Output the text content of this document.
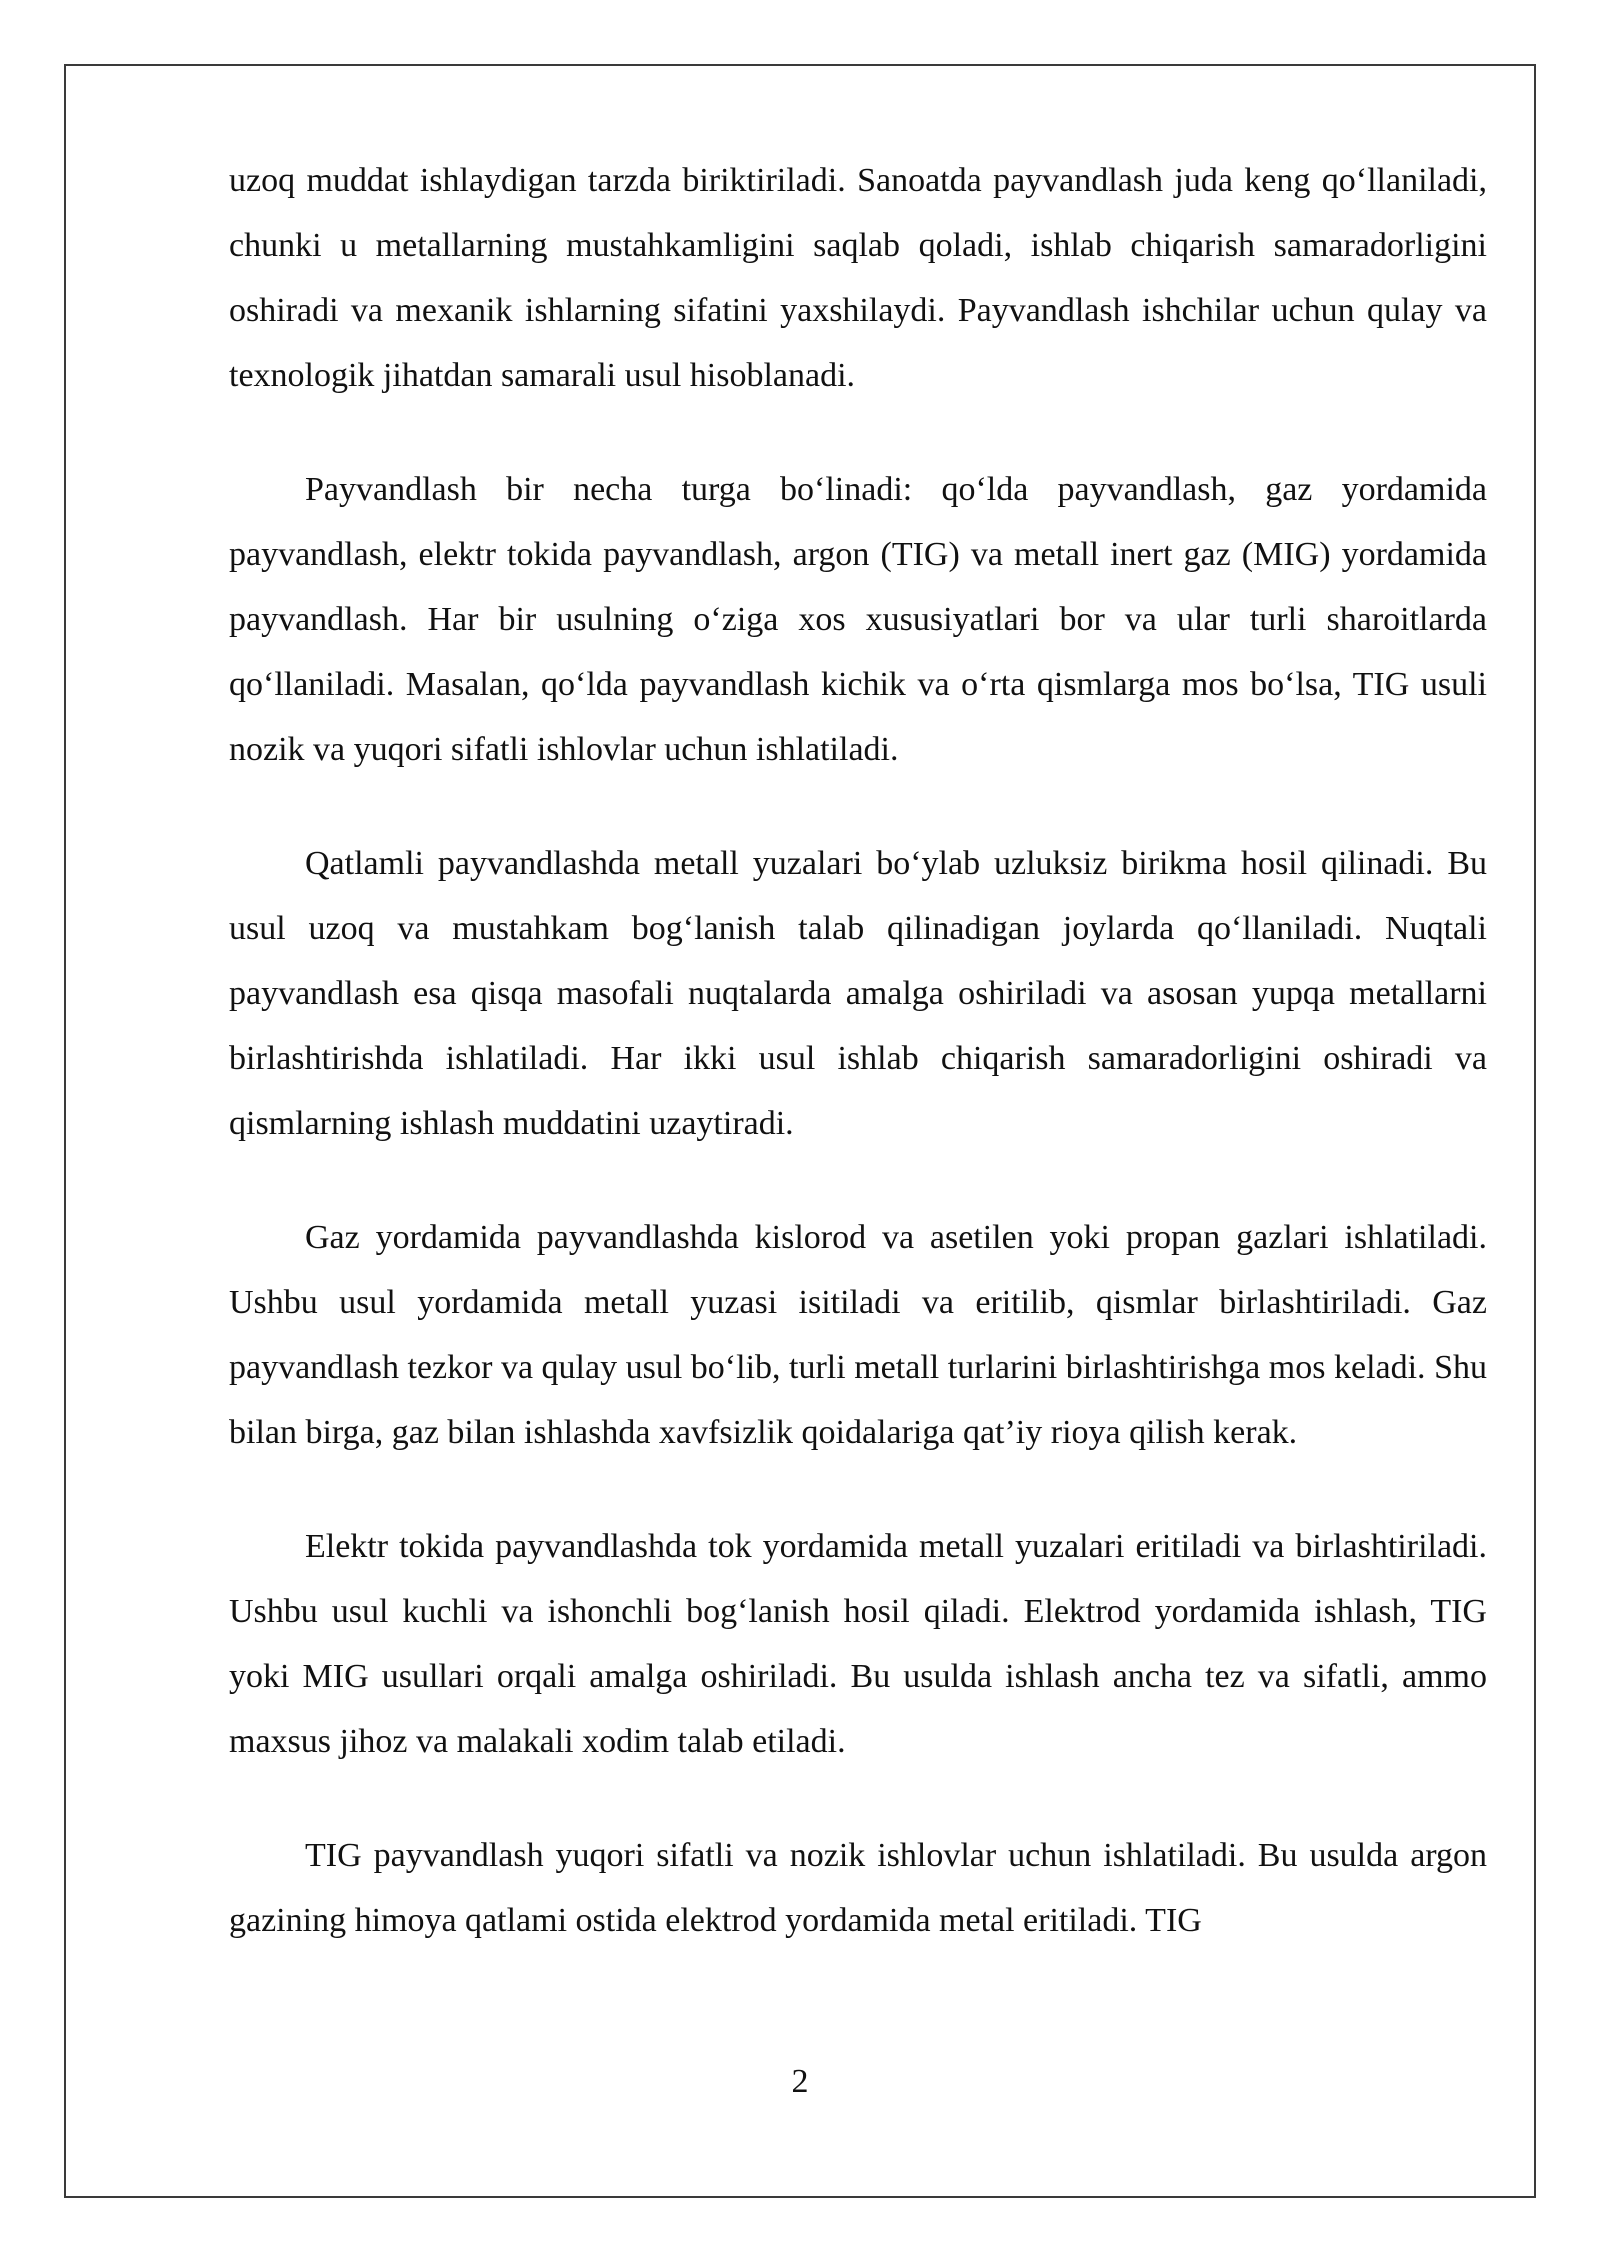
uzoq muddat ishlaydigan tarzda biriktiriladi. Sanoatda payvandlash juda keng qo‘llaniladi, chunki u metallarning mustahkamligini saqlab qoladi, ishlab chiqarish samaradorligini oshiradi va mexanik ishlarning sifatini yaxshilaydi. Payvandlash ishchilar uchun qulay va texnologik jihatdan samarali usul hisoblanadi.

Payvandlash bir necha turga bo‘linadi: qo‘lda payvandlash, gaz yordamida payvandlash, elektr tokida payvandlash, argon (TIG) va metall inert gaz (MIG) yordamida payvandlash. Har bir usulning o‘ziga xos xususiyatlari bor va ular turli sharoitlarda qo‘llaniladi. Masalan, qo‘lda payvandlash kichik va o‘rta qismlarga mos bo‘lsa, TIG usuli nozik va yuqori sifatli ishlovlar uchun ishlatiladi.

Qatlamli payvandlashda metall yuzalari bo‘ylab uzluksiz birikma hosil qilinadi. Bu usul uzoq va mustahkam bog‘lanish talab qilinadigan joylarda qo‘llaniladi. Nuqtali payvandlash esa qisqa masofali nuqtalarda amalga oshiriladi va asosan yupqa metallarni birlashtirishda ishlatiladi. Har ikki usul ishlab chiqarish samaradorligini oshiradi va qismlarning ishlash muddatini uzaytiradi.

Gaz yordamida payvandlashda kislorod va asetilen yoki propan gazlari ishlatiladi. Ushbu usul yordamida metall yuzasi isitiladi va eritilib, qismlar birlashtiriladi. Gaz payvandlash tezkor va qulay usul bo‘lib, turli metall turlarini birlashtirishga mos keladi. Shu bilan birga, gaz bilan ishlashda xavfsizlik qoidalariga qat’iy rioya qilish kerak.

Elektr tokida payvandlashda tok yordamida metall yuzalari eritiladi va birlashtiriladi. Ushbu usul kuchli va ishonchli bog‘lanish hosil qiladi. Elektrod yordamida ishlash, TIG yoki MIG usullari orqali amalga oshiriladi. Bu usulda ishlash ancha tez va sifatli, ammo maxsus jihoz va malakali xodim talab etiladi.

TIG payvandlash yuqori sifatli va nozik ishlovlar uchun ishlatiladi. Bu usulda argon gazining himoya qatlami ostida elektrod yordamida metal eritiladi. TIG

2
